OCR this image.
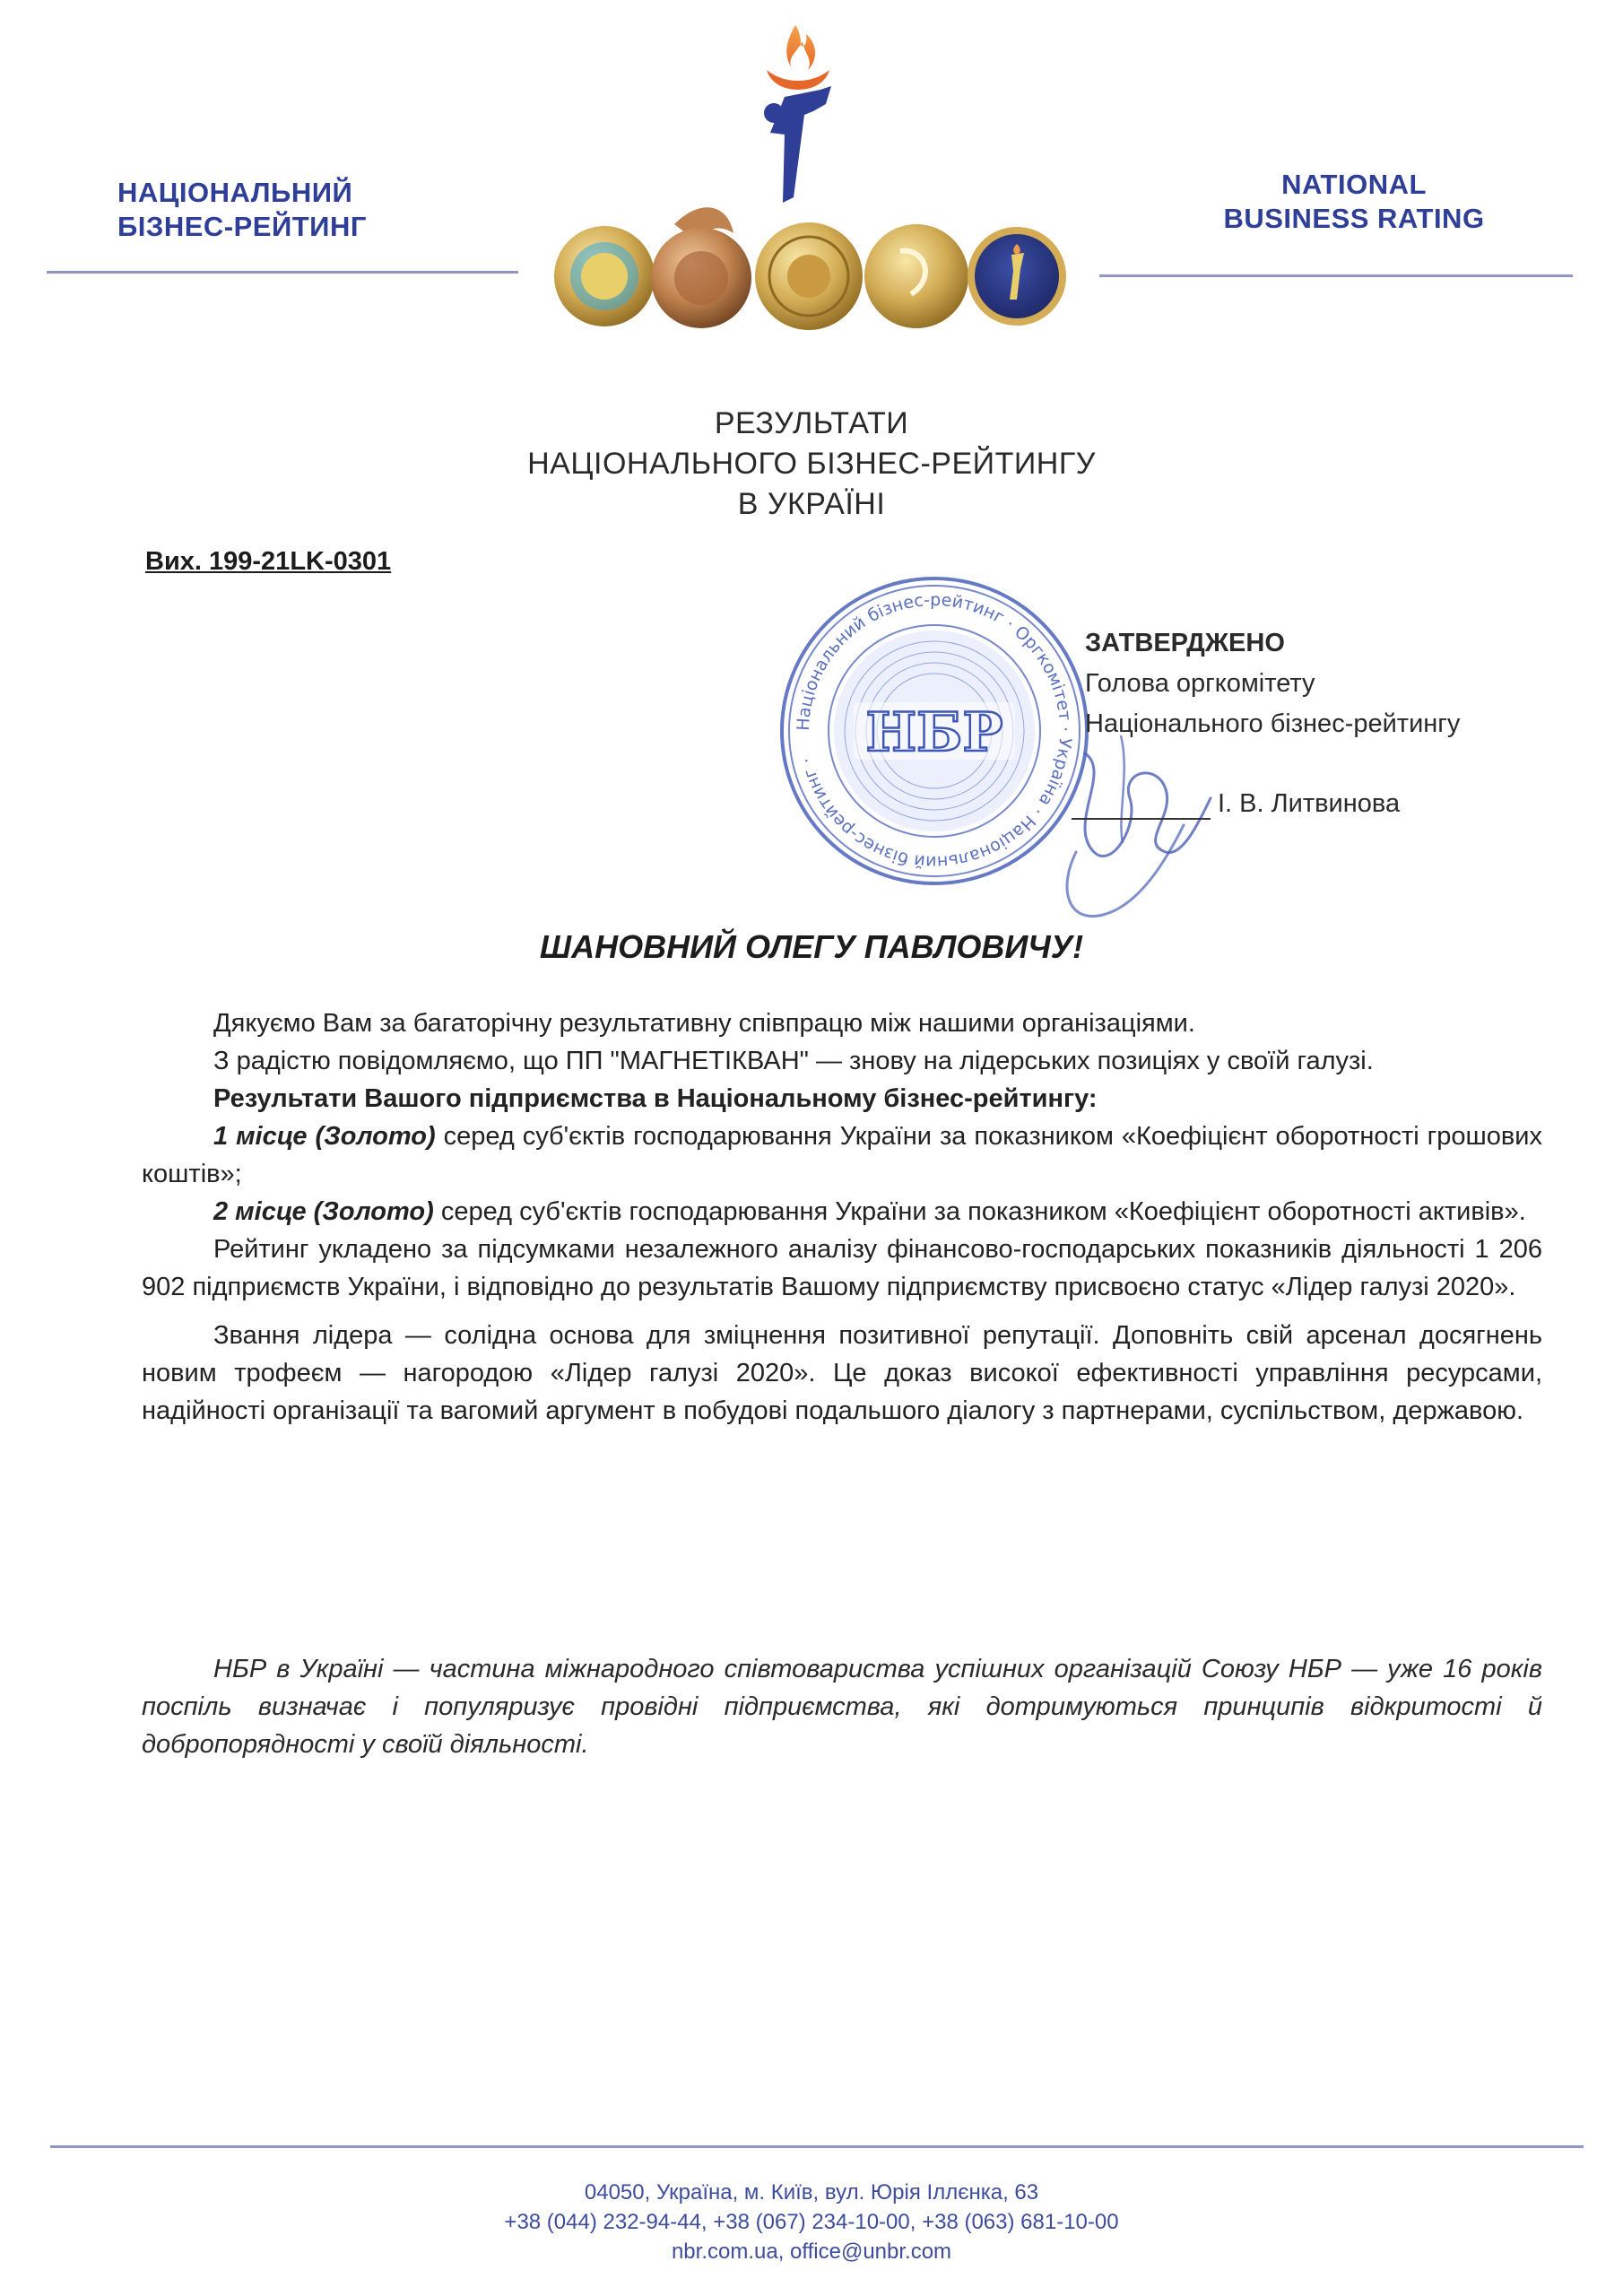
НАЦІОНАЛЬНИЙ
БІЗНЕС-РЕЙТИНГ
NATIONAL
BUSINESS RATING
РЕЗУЛЬТАТИ
НАЦІОНАЛЬНОГО БІЗНЕС-РЕЙТИНГУ
В УКРАЇНІ
Вих. 199-21LK-0301
Національний бізнес-рейтинг · Оргкомітет · Україна · Національний бізнес-рейтинг · НБР
ЗАТВЕРДЖЕНО
Голова оргкомітету
Національного бізнес-рейтингу
І. В. Литвинова
ШАНОВНИЙ ОЛЕГУ ПАВЛОВИЧУ!

Дякуємо Вам за багаторічну результативну співпрацю між нашими організаціями.

З радістю повідомляємо, що ПП "МАГНЕТІКВАН" — знову на лідерських позиціях у своїй галузі.

Результати Вашого підприємства в Національному бізнес-рейтингу:

1 місце (Золото) серед суб'єктів господарювання України за показником «Коефіцієнт оборотності грошових коштів»;

2 місце (Золото) серед суб'єктів господарювання України за показником «Коефіцієнт оборотності активів».

Рейтинг укладено за підсумками незалежного аналізу фінансово-господарських показників діяльності 1 206 902 підприємств України, і відповідно до результатів Вашому підприємству присвоєно статус «Лідер галузі 2020».

Звання лідера — солідна основа для зміцнення позитивної репутації. Доповніть свій арсенал досягнень новим трофеєм — нагородою «Лідер галузі 2020». Це доказ високої ефективності управління ресурсами, надійності організації та вагомий аргумент в побудові подальшого діалогу з партнерами, суспільством, державою.

НБР в Україні — частина міжнародного співтовариства успішних організацій Союзу НБР — уже 16 років поспіль визначає і популяризує провідні підприємства, які дотримуються принципів відкритості й добропорядності у своїй діяльності.

04050, Україна, м. Київ, вул. Юрія Іллєнка, 63
+38 (044) 232-94-44, +38 (067) 234-10-00, +38 (063) 681-10-00
nbr.com.ua, office@unbr.com
